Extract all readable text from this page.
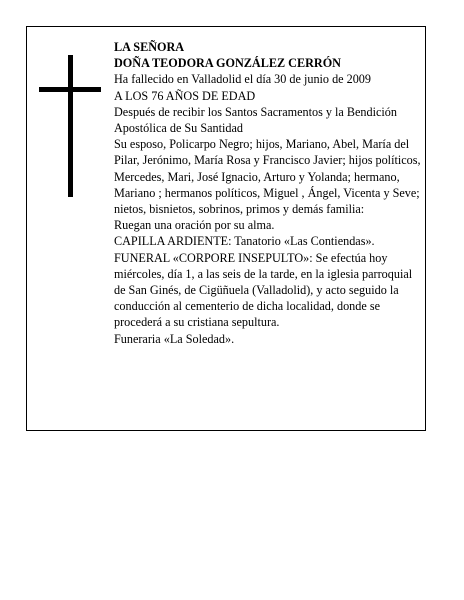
LA SEÑORA

DOÑA TEODORA GONZÁLEZ CERRÓN

Ha fallecido en Valladolid el día 30 de junio de 2009

A LOS 76 AÑOS DE EDAD

Después de recibir los Santos Sacramentos y la Bendición Apostólica de Su Santidad

Su esposo, Policarpo Negro; hijos, Mariano, Abel, María del Pilar, Jerónimo, María Rosa y Francisco Javier; hijos políticos, Mercedes, Mari, José Ignacio, Arturo y Yolanda; hermano, Mariano ; hermanos políticos, Miguel , Ángel, Vicenta y Seve; nietos, bisnietos, sobrinos, primos y demás familia:

Ruegan una oración por su alma.

CAPILLA ARDIENTE: Tanatorio «Las Contiendas».

FUNERAL «CORPORE INSEPULTO»: Se efectúa hoy miércoles, día 1, a las seis de la tarde, en la iglesia parroquial de San Ginés, de Cigüñuela (Valladolid), y acto seguido la conducción al cementerio de dicha localidad, donde se procederá a su cristiana sepultura.

Funeraria «La Soledad».
